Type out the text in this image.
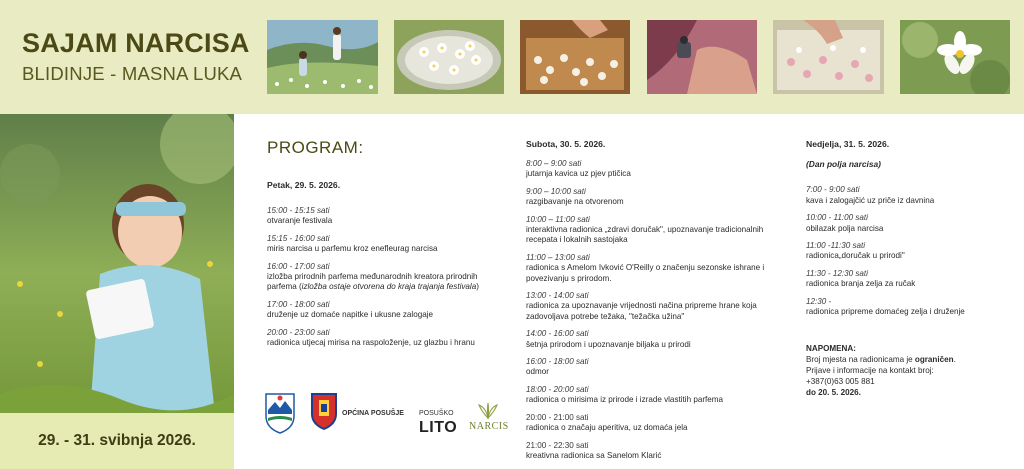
SAJAM NARCISA
BLIDINJE - MASNA LUKA
29. - 31. svibnja 2026.
PROGRAM:
Petak, 29. 5. 2026.
15:00 - 15:15 sati
otvaranje festivala
15:15 - 16:00 sati
miris narcisa u parfemu kroz enefleurag narcisa
16:00 - 17:00 sati
izložba prirodnih parfema međunarodnih kreatora prirodnih parfema (izložba ostaje otvorena do kraja trajanja festivala)
17:00 - 18:00 sati
druženje uz domaće napitke i ukusne zalogaje
20:00 - 23:00 sati
radionica utjecaj mirisa na raspoloženje, uz glazbu i hranu
Subota, 30. 5. 2026.
8:00 – 9:00 sati
jutarnja kavica uz pjev ptičica
9:00 – 10:00 sati
razgibavanje na otvorenom
10:00 – 11:00 sati
interaktivna radionica „zdravi doručak", upoznavanje tradicionalnih recepata i lokalnih sastojaka
11:00 – 13:00 sati
radionica s Amelom Ivković O'Reilly o značenju sezonske ishrane i povezivanju s prirodom.
13:00 - 14:00 sati
radionica za upoznavanje vrijednosti načina pripreme hrane koja zadovoljava potrebe težaka, "težačka užina"
14:00 - 16:00 sati
šetnja prirodom i upoznavanje biljaka u prirodi
16:00 - 18:00 sati
odmor
18:00 - 20:00 sati
radionica o mirisima iz prirode i izrade vlastitih parfema
20:00 - 21:00 sati
radionica o značaju aperitiva, uz domaća jela
21:00 - 22:30 sati
kreativna radionica sa Sanelom Klarić
Nedjelja, 31. 5. 2026.
(Dan polja narcisa)
7:00 - 9:00 sati
kava i zalogajčić uz priče iz davnina
10:00 - 11:00 sati
obilazak polja narcisa
11:00 -11:30 sati
radionica„doručak u prirodi"
11:30 - 12:30 sati
radionica branja zelja za ručak
12:30 -
radionica pripreme domaćeg zelja i druženje
NAPOMENA:
Broj mjesta na radionicama je ograničen.
Prijave i informacije na kontakt broj:
+387(0)63 005 881
do 20. 5. 2026.
OPĆINA POSUŠJE POSUŠKO
LITO NARCIS
